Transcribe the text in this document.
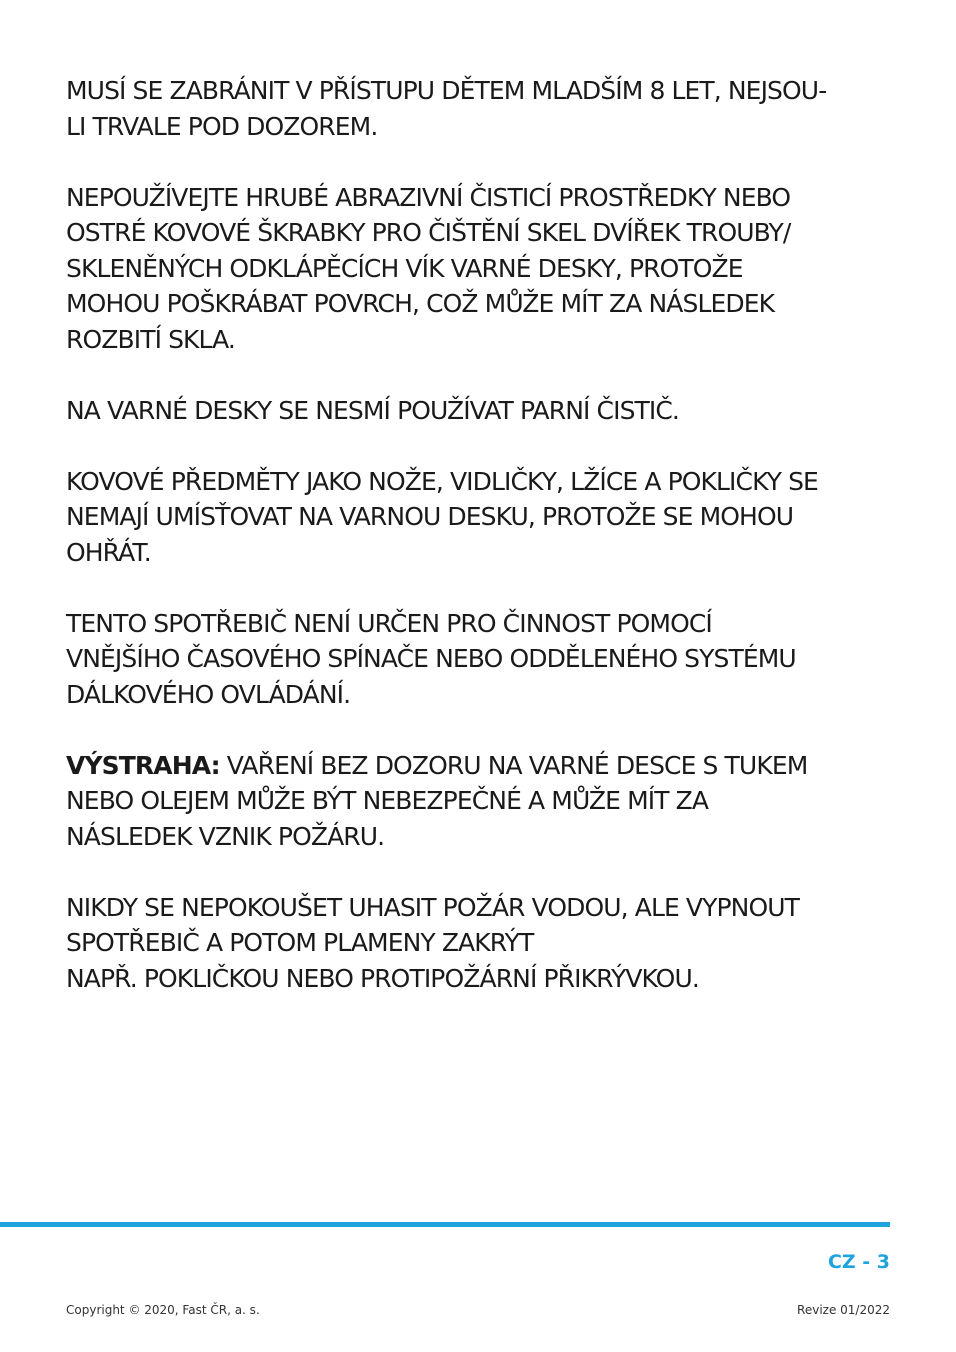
MUSÍ SE ZABRÁNIT V PŘÍSTUPU DĚTEM MLADŠÍM 8 LET, NEJSOU-
LI TRVALE POD DOZOREM.

NEPOUŽÍVEJTE HRUBÉ ABRAZIVNÍ ČISTICÍ PROSTŘEDKY NEBO
OSTRÉ KOVOVÉ ŠKRABKY PRO ČIŠTĚNÍ SKEL DVÍŘEK TROUBY/
SKLENĚNÝCH ODKLÁPĚCÍCH VÍK VARNÉ DESKY, PROTOŽE
MOHOU POŠKRÁBAT POVRCH, COŽ MŮŽE MÍT ZA NÁSLEDEK
ROZBITÍ SKLA.

NA VARNÉ DESKY SE NESMÍ POUŽÍVAT PARNÍ ČISTIČ.

KOVOVÉ PŘEDMĚTY JAKO NOŽE, VIDLIČKY, LŽÍCE A POKLIČKY SE
NEMAJÍ UMÍSŤOVAT NA VARNOU DESKU, PROTOŽE SE MOHOU
OHŘÁT.

TENTO SPOTŘEBIČ NENÍ URČEN PRO ČINNOST POMOCÍ
VNĚJŠÍHO ČASOVÉHO SPÍNAČE NEBO ODDĚLENÉHO SYSTÉMU
DÁLKOVÉHO OVLÁDÁNÍ.

VÝSTRAHA: VAŘENÍ BEZ DOZORU NA VARNÉ DESCE S TUKEM
NEBO OLEJEM MŮŽE BÝT NEBEZPEČNÉ A MŮŽE MÍT ZA
NÁSLEDEK VZNIK POŽÁRU.

NIKDY SE NEPOKOUŠET UHASIT POŽÁR VODOU, ALE VYPNOUT
SPOTŘEBIČ A POTOM PLAMENY ZAKRÝT
NAPŘ. POKLIČKOU NEBO PROTIPOŽÁRNÍ PŘIKRÝVKOU.

CZ - 3
Copyright © 2020, Fast ČR, a. s.	Revize 01/2022
